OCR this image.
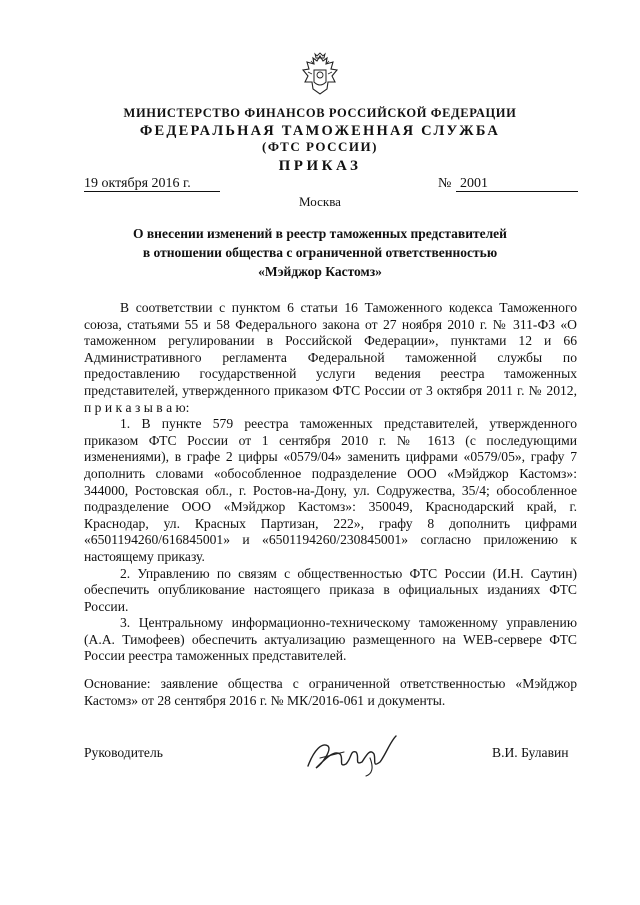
МИНИСТЕРСТВО ФИНАНСОВ РОССИЙСКОЙ ФЕДЕРАЦИИ
ФЕДЕРАЛЬНАЯ ТАМОЖЕННАЯ СЛУЖБА
(ФТС РОССИИ)
ПРИКАЗ
19 октября 2016 г.	№ 2001
Москва
О внесении изменений в реестр таможенных представителей
в отношении общества с ограниченной ответственностью
«Мэйджор Кастомз»

В соответствии с пунктом 6 статьи 16 Таможенного кодекса Таможенного союза, статьями 55 и 58 Федерального закона от 27 ноября 2010 г. № 311-ФЗ «О таможенном регулировании в Российской Федерации», пунктами 12 и 66 Административного регламента Федеральной таможенной службы по предоставлению государственной услуги ведения реестра таможенных представителей, утвержденного приказом ФТС России от 3 октября 2011 г. № 2012, п р и к а з ы в а ю:

1. В пункте 579 реестра таможенных представителей, утвержденного приказом ФТС России от 1 сентября 2010 г. № 1613 (с последующими изменениями), в графе 2 цифры «0579/04» заменить цифрами «0579/05», графу 7 дополнить словами «обособленное подразделение ООО «Мэйджор Кастомз»: 344000, Ростовская обл., г. Ростов-на-Дону, ул. Содружества, 35/4; обособленное подразделение ООО «Мэйджор Кастомз»: 350049, Краснодарский край, г. Краснодар, ул. Красных Партизан, 222», графу 8 дополнить цифрами «6501194260/616845001» и «6501194260/230845001» согласно приложению к настоящему приказу.

2. Управлению по связям с общественностью ФТС России (И.Н. Саутин) обеспечить опубликование настоящего приказа в официальных изданиях ФТС России.

3. Центральному информационно-техническому таможенному управлению (А.А. Тимофеев) обеспечить актуализацию размещенного на WEB-сервере ФТС России реестра таможенных представителей.

Основание: заявление общества с ограниченной ответственностью «Мэйджор Кастомз» от 28 сентября 2016 г. № МК/2016-061 и документы.

Руководитель	В.И. Булавин
